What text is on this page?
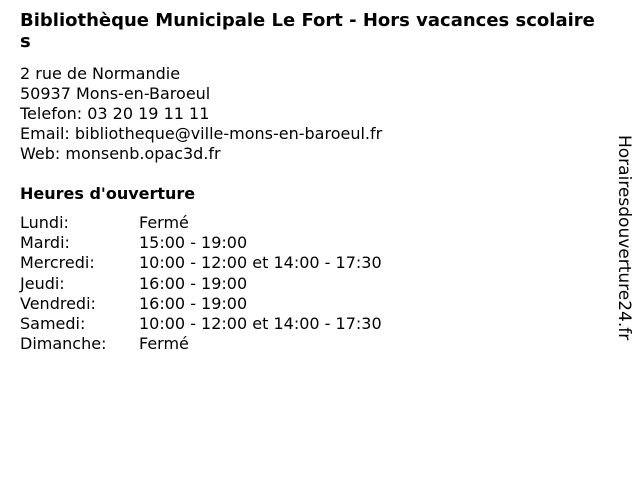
Bibliothèque Municipale Le Fort - Hors vacances scolaires
2 rue de Normandie
50937 Mons-en-Baroeul
Telefon: 03 20 19 11 11
Email: bibliotheque@ville-mons-en-baroeul.fr
Web: monsenb.opac3d.fr
Heures d'ouverture
Lundi:	Fermé
Mardi:	15:00 - 19:00
Mercredi:	10:00 - 12:00 et 14:00 - 17:30
Jeudi:	16:00 - 19:00
Vendredi:	16:00 - 19:00
Samedi:	10:00 - 12:00 et 14:00 - 17:30
Dimanche:	Fermé
Horairesdouverture24.fr
